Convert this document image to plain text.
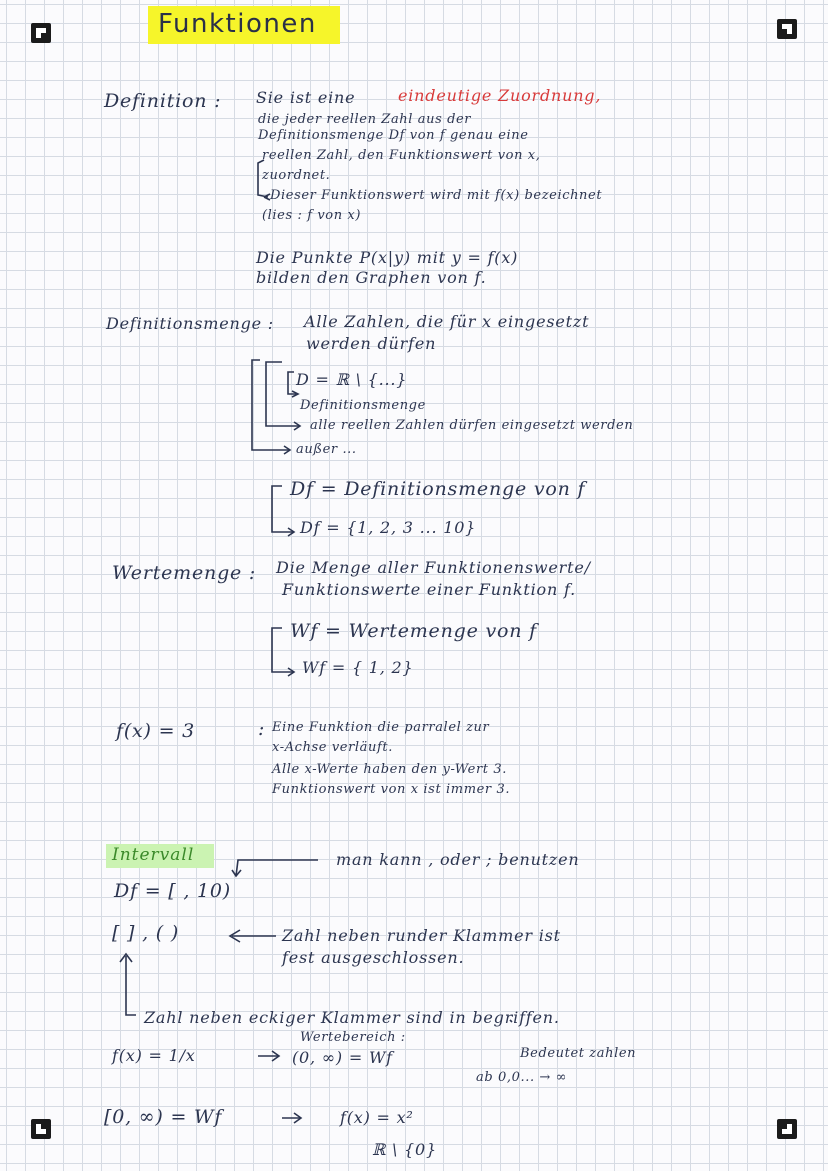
Funktionen
Definition : Sie ist eine	eindeutige Zuordnung,
die jeder reellen Zahl aus der
Definitionsmenge Df von f genau eine
reellen Zahl, den Funktionswert von x,
zuordnet.
Dieser Funktionswert wird mit f(x) bezeichnet
(lies : f von x)
Die Punkte P(x|y) mit y = f(x)
bilden den Graphen von f.
Definitionsmenge : Alle Zahlen, die für x eingesetzt
werden dürfen
D = ℝ \ {...}
Definitionsmenge
alle reellen Zahlen dürfen eingesetzt werden
außer ...
Df = Definitionsmenge von f
Df = {1, 2, 3 ... 10}
Wertemenge : Die Menge aller Funktionenswerte/
Funktionswerte einer Funktion f.
Wf = Wertemenge von f
Wf = { 1, 2}
f(x) = 3	: Eine Funktion die parralel zur
x-Achse verläuft.
Alle x-Werte haben den y-Wert 3.
Funktionswert von x ist immer 3.
Intervall	man kann , oder ; benutzen
Df = [ , 10)
[ ] , ( )	Zahl neben runder Klammer ist
fest ausgeschlossen.
Zahl neben eckiger Klammer sind in begriffen.
f(x) = 1/x
Wertebereich :
(0, ∞) = Wf	Bedeutet zahlen
ab 0,0... → ∞
[0, ∞) = Wf	f(x) = x²
ℝ \ {0}
